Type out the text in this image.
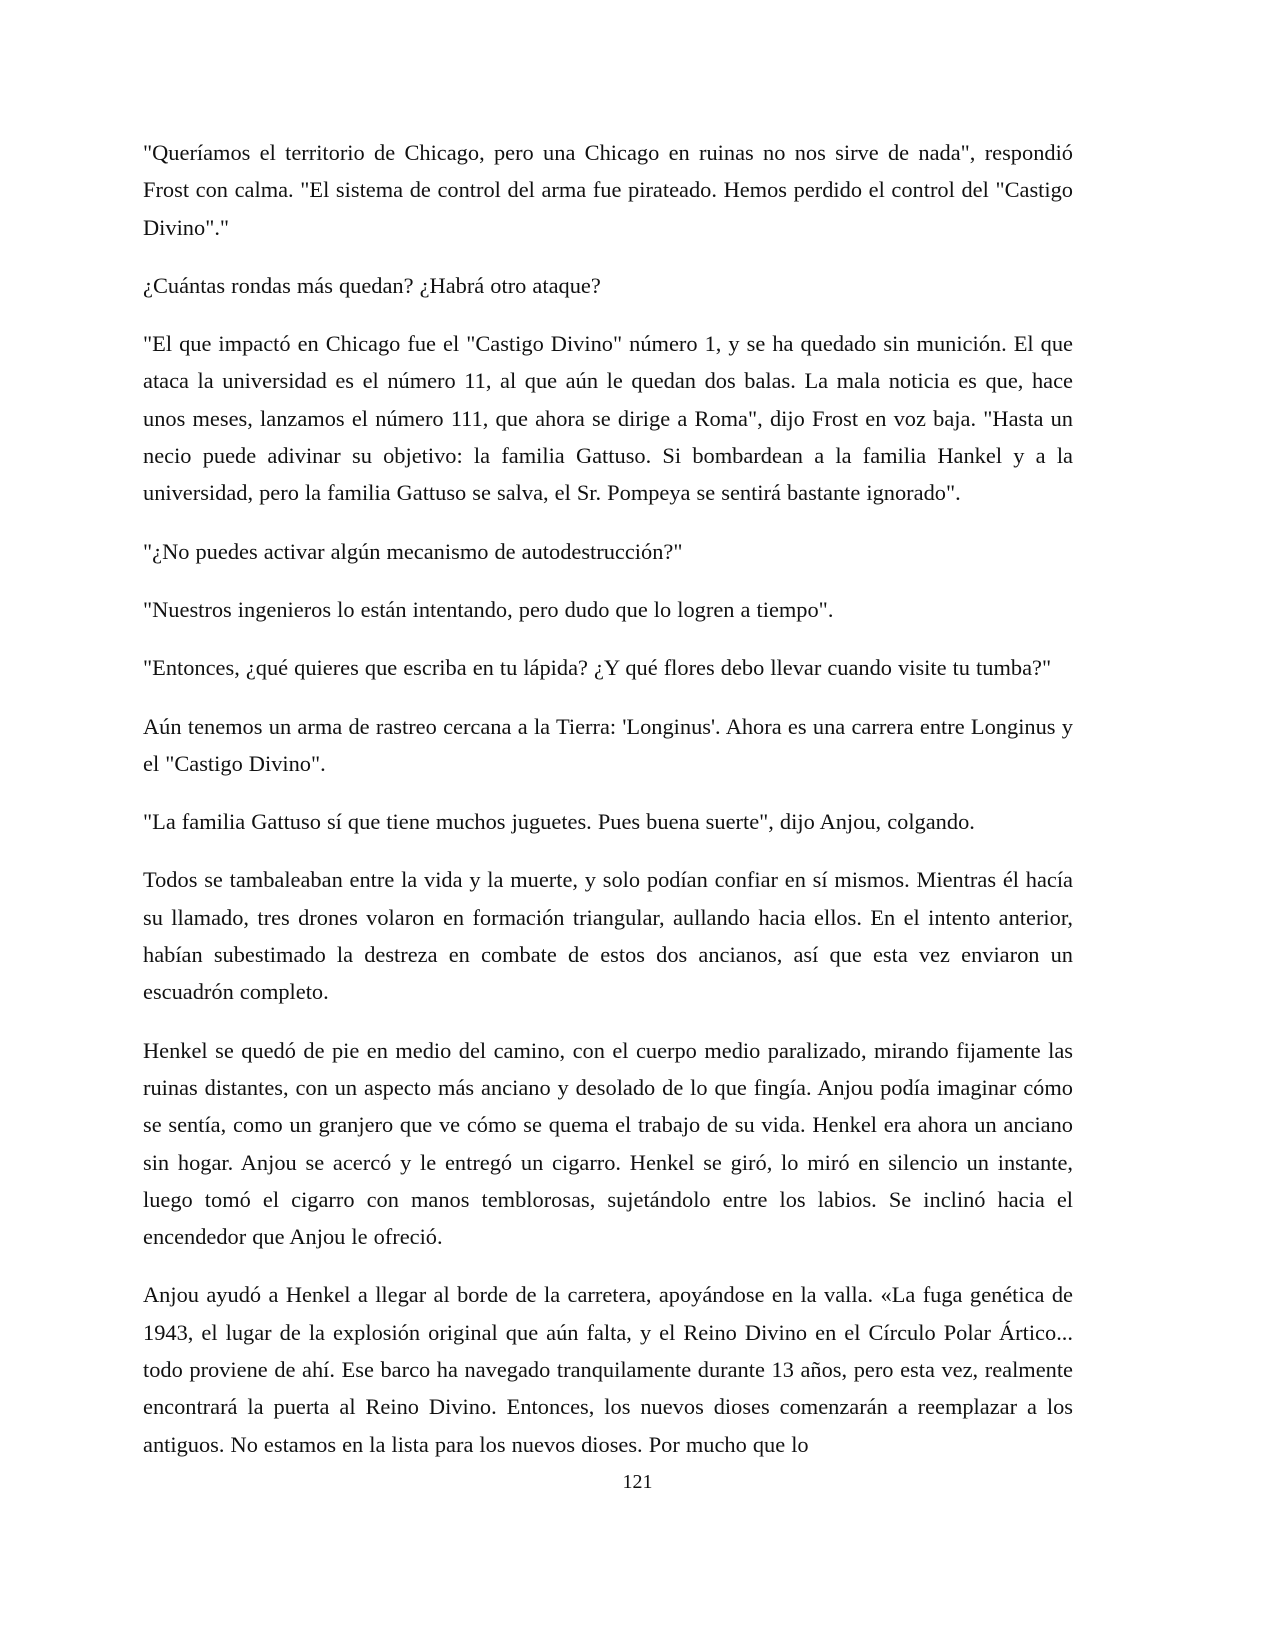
"Queríamos el territorio de Chicago, pero una Chicago en ruinas no nos sirve de nada", respondió Frost con calma. "El sistema de control del arma fue pirateado. Hemos perdido el control del "Castigo Divino"."

¿Cuántas rondas más quedan? ¿Habrá otro ataque?

"El que impactó en Chicago fue el "Castigo Divino" número 1, y se ha quedado sin munición. El que ataca la universidad es el número 11, al que aún le quedan dos balas. La mala noticia es que, hace unos meses, lanzamos el número 111, que ahora se dirige a Roma", dijo Frost en voz baja. "Hasta un necio puede adivinar su objetivo: la familia Gattuso. Si bombardean a la familia Hankel y a la universidad, pero la familia Gattuso se salva, el Sr. Pompeya se sentirá bastante ignorado".

"¿No puedes activar algún mecanismo de autodestrucción?"

"Nuestros ingenieros lo están intentando, pero dudo que lo logren a tiempo".

"Entonces, ¿qué quieres que escriba en tu lápida? ¿Y qué flores debo llevar cuando visite tu tumba?"

Aún tenemos un arma de rastreo cercana a la Tierra: 'Longinus'. Ahora es una carrera entre Longinus y el "Castigo Divino".

"La familia Gattuso sí que tiene muchos juguetes. Pues buena suerte", dijo Anjou, colgando.

Todos se tambaleaban entre la vida y la muerte, y solo podían confiar en sí mismos. Mientras él hacía su llamado, tres drones volaron en formación triangular, aullando hacia ellos. En el intento anterior, habían subestimado la destreza en combate de estos dos ancianos, así que esta vez enviaron un escuadrón completo.

Henkel se quedó de pie en medio del camino, con el cuerpo medio paralizado, mirando fijamente las ruinas distantes, con un aspecto más anciano y desolado de lo que fingía. Anjou podía imaginar cómo se sentía, como un granjero que ve cómo se quema el trabajo de su vida. Henkel era ahora un anciano sin hogar. Anjou se acercó y le entregó un cigarro. Henkel se giró, lo miró en silencio un instante, luego tomó el cigarro con manos temblorosas, sujetándolo entre los labios. Se inclinó hacia el encendedor que Anjou le ofreció.

Anjou ayudó a Henkel a llegar al borde de la carretera, apoyándose en la valla. «La fuga genética de 1943, el lugar de la explosión original que aún falta, y el Reino Divino en el Círculo Polar Ártico... todo proviene de ahí. Ese barco ha navegado tranquilamente durante 13 años, pero esta vez, realmente encontrará la puerta al Reino Divino. Entonces, los nuevos dioses comenzarán a reemplazar a los antiguos. No estamos en la lista para los nuevos dioses. Por mucho que lo

121
